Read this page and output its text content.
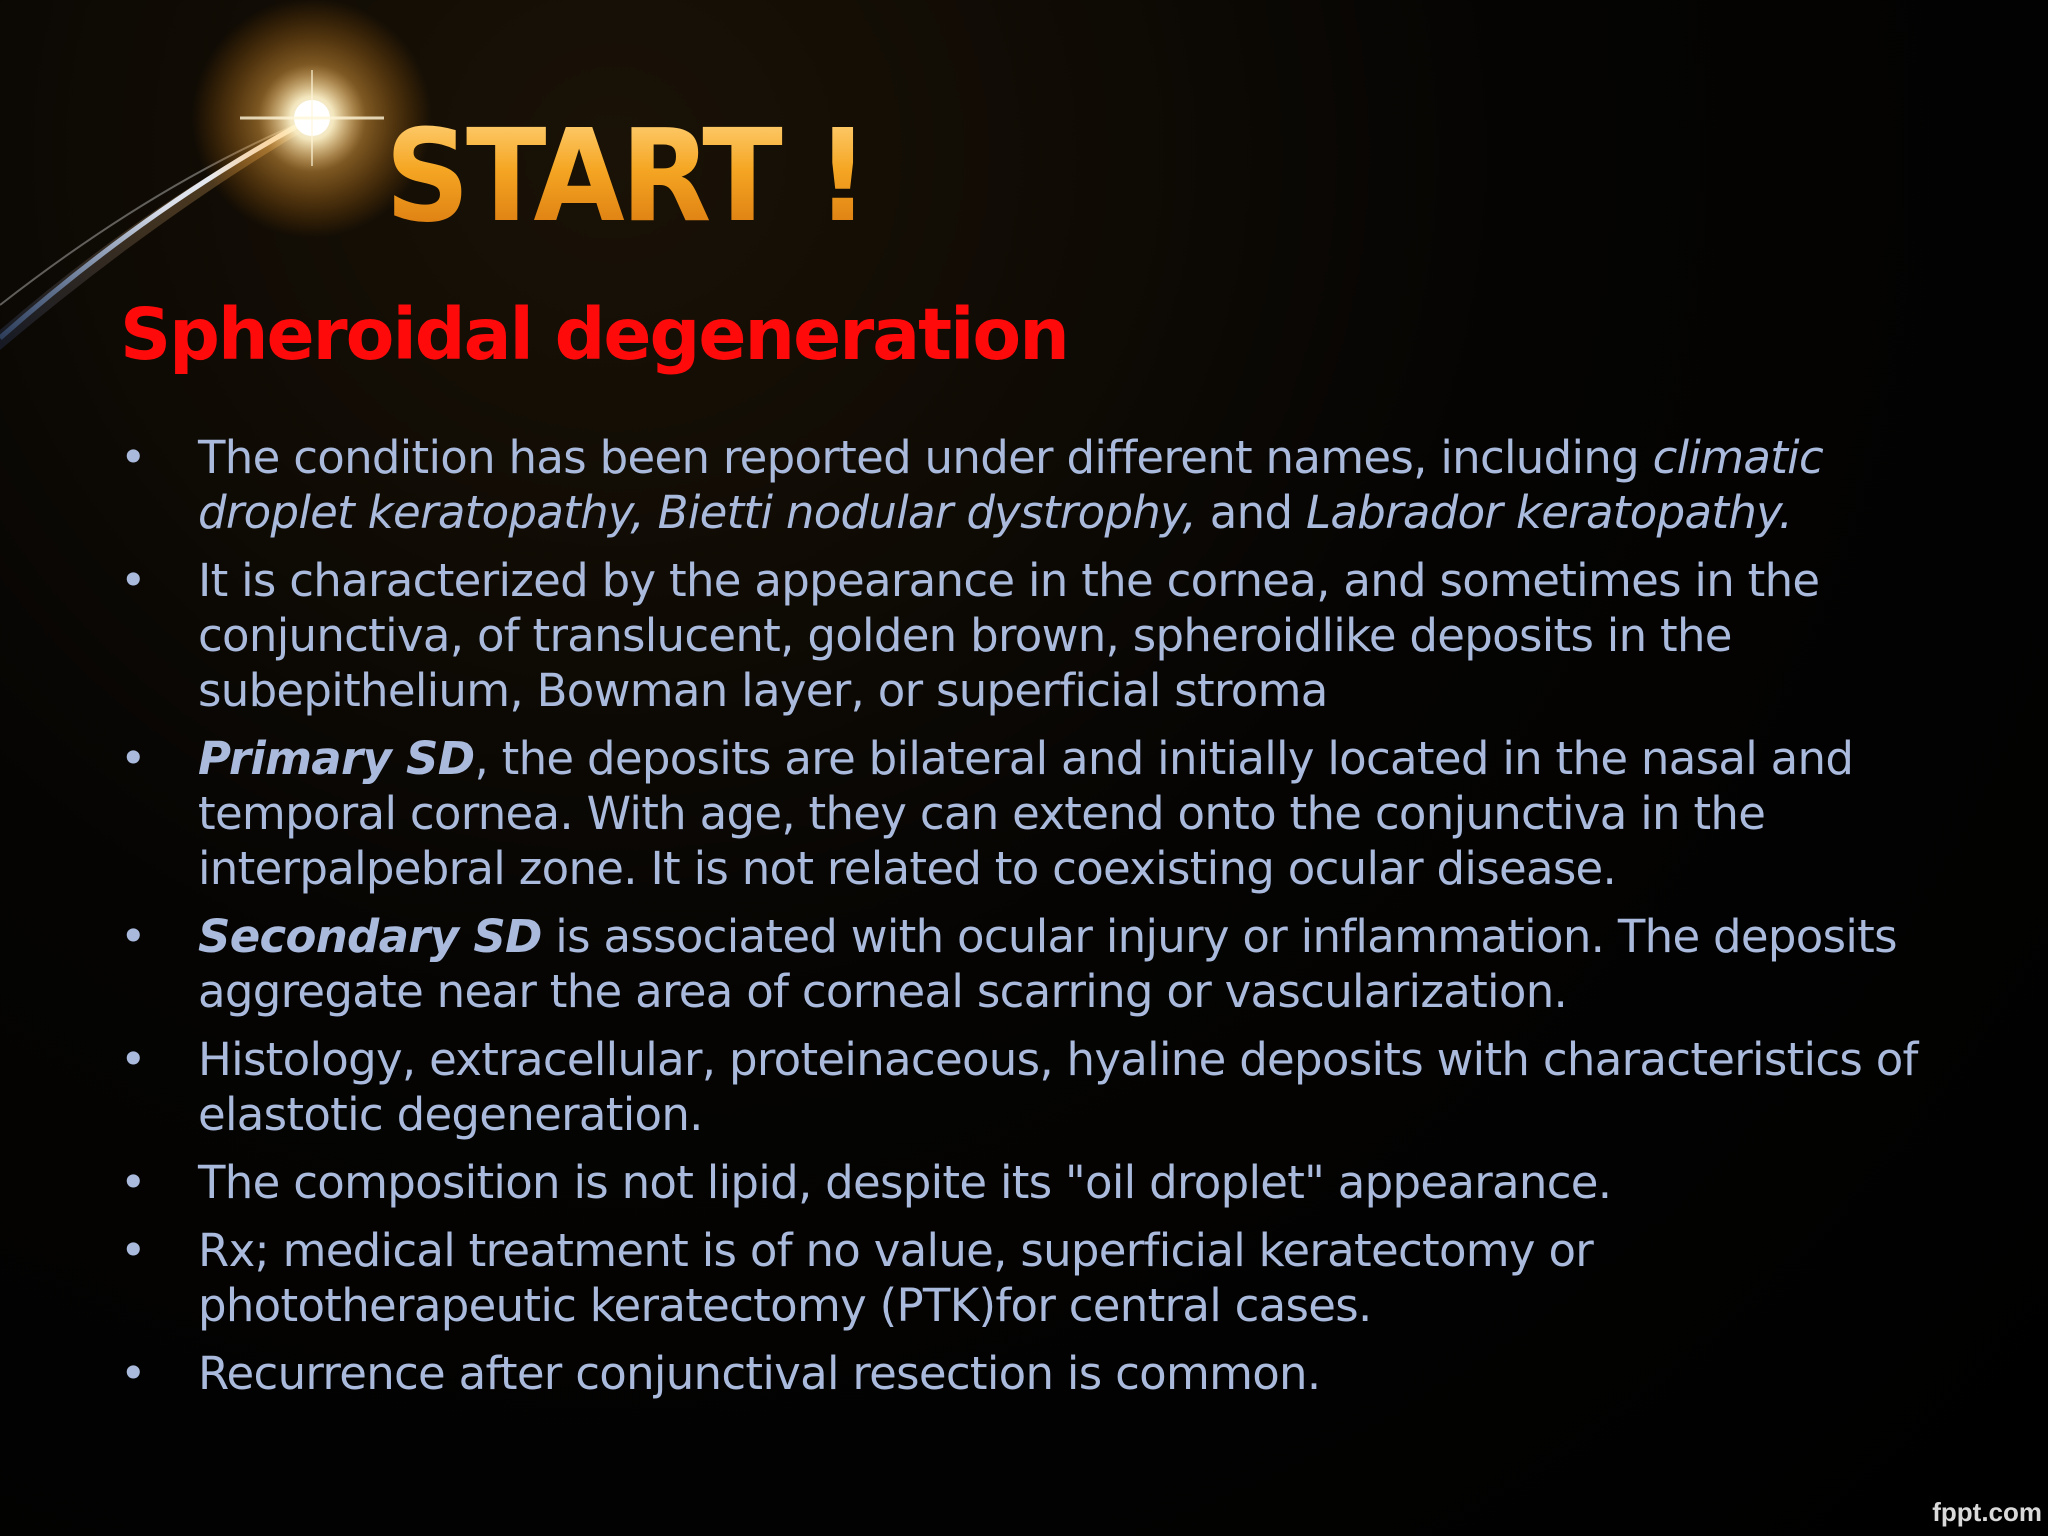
START !
Spheroidal degeneration
• The condition has been reported under different names, including climatic droplet keratopathy, Bietti nodular dystrophy, and Labrador keratopathy.
• It is characterized by the appearance in the cornea, and sometimes in the conjunctiva, of translucent, golden brown, spheroidlike deposits in the subepithelium, Bowman layer, or superficial stroma
• Primary SD, the deposits are bilateral and initially located in the nasal and temporal cornea. With age, they can extend onto the conjunctiva in the interpalpebral zone. It is not related to coexisting ocular disease.
• Secondary SD is associated with ocular injury or inflammation. The deposits aggregate near the area of corneal scarring or vascularization.
• Histology, extracellular, proteinaceous, hyaline deposits with characteristics of elastotic degeneration.
• The composition is not lipid, despite its "oil droplet" appearance.
• Rx; medical treatment is of no value, superficial keratectomy or phototherapeutic keratectomy (PTK)for central cases.
• Recurrence after conjunctival resection is common.
fppt.com
